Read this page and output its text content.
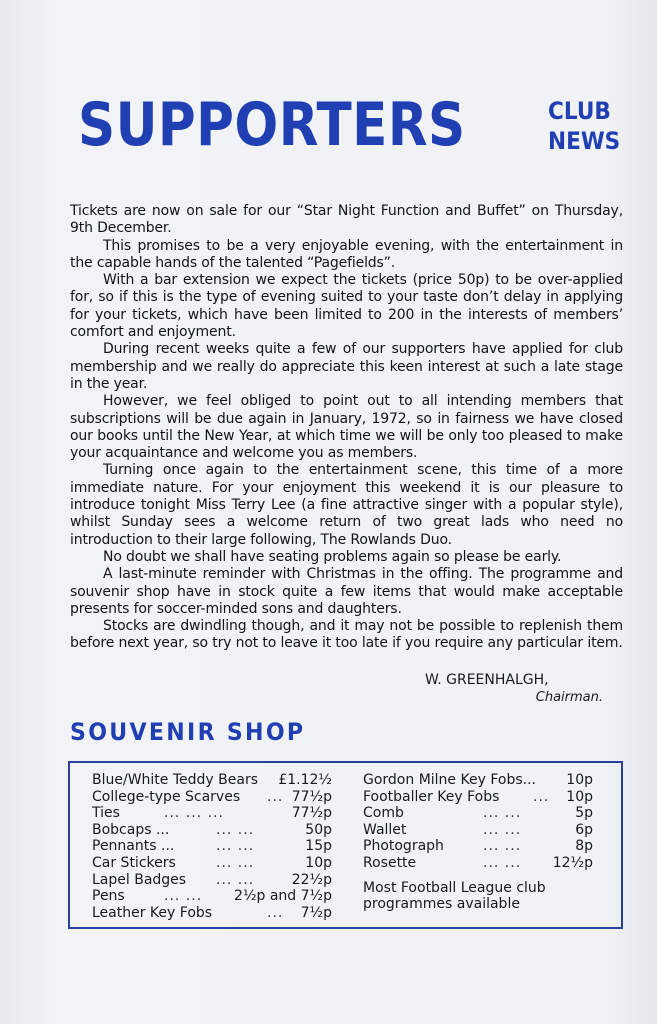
SUPPORTERS	CLUB
NEWS

Tickets are now on sale for our “Star Night Function and Buffet” on Thursday, 9th December.

This promises to be a very enjoyable evening, with the entertainment in the capable hands of the talented “Pagefields”.

With a bar extension we expect the tickets (price 50p) to be over-applied for, so if this is the type of evening suited to your taste don’t delay in applying for your tickets, which have been limited to 200 in the interests of members’ comfort and enjoyment.

During recent weeks quite a few of our supporters have applied for club membership and we really do appreciate this keen interest at such a late stage in the year.

However, we feel obliged to point out to all intending members that subscriptions will be due again in January, 1972, so in fairness we have closed our books until the New Year, at which time we will be only too pleased to make your acquaintance and welcome you as members.

Turning once again to the entertainment scene, this time of a more immediate nature. For your enjoyment this weekend it is our pleasure to introduce tonight Miss Terry Lee (a fine attractive singer with a popular style), whilst Sunday sees a welcome return of two great lads who need no introduction to their large following, The Rowlands Duo.

No doubt we shall have seating problems again so please be early.

A last-minute reminder with Christmas in the offing. The programme and souvenir shop have in stock quite a few items that would make acceptable presents for soccer-minded sons and daughters.

Stocks are dwindling though, and it may not be possible to replenish them before next year, so try not to leave it too late if you require any particular item.

W. GREENHALGH,
Chairman.
SOUVENIR SHOP
Blue/White Teddy Bears £1.12½
College-type Scarves ... 77½p
Ties	... ... ...	77½p
Bobcaps ...	... ...	50p
Pennants ...	... ...	15p
Car Stickers	... ...	10p
Lapel Badges ... ...	22½p
Pens	... ... 2½p and 7½p
Leather Key Fobs	... 7½p
Gordon Milne Key Fobs... 10p
Footballer Key Fobs ... 10p
Comb	... ...	5p
Wallet	... ...	6p
Photograph	... ...	8p
Rosette	... ... 12½p
Most Football League club
programmes available
